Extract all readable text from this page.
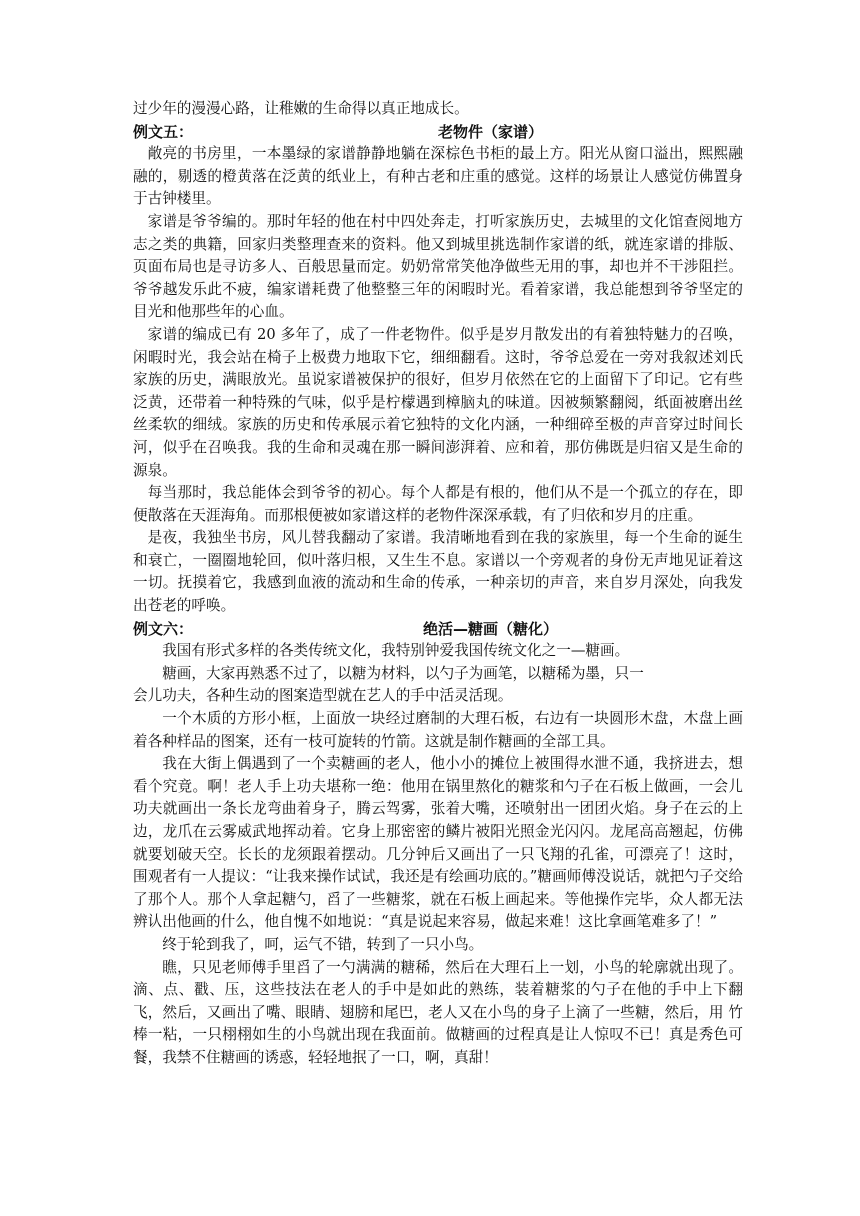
过少年的漫漫心路，让稚嫩的生命得以真正地成长。

例文五：	老物件（家谱）

敞亮的书房里，一本墨绿的家谱静静地躺在深棕色书柜的最上方。阳光从窗口溢出，熙熙融融的，剔透的橙黄落在泛黄的纸业上，有种古老和庄重的感觉。这样的场景让人感觉仿佛置身于古钟楼里。

家谱是爷爷编的。那时年轻的他在村中四处奔走，打听家族历史，去城里的文化馆查阅地方志之类的典籍，回家归类整理查来的资料。他又到城里挑选制作家谱的纸，就连家谱的排版、页面布局也是寻访多人、百般思量而定。奶奶常常笑他净做些无用的事，却也并不干涉阻拦。爷爷越发乐此不疲，编家谱耗费了他整整三年的闲暇时光。看着家谱，我总能想到爷爷坚定的目光和他那些年的心血。

家谱的编成已有 20 多年了，成了一件老物件。似乎是岁月散发出的有着独特魅力的召唤，闲暇时光，我会站在椅子上极费力地取下它，细细翻看。这时，爷爷总爱在一旁对我叙述刘氏家族的历史，满眼放光。虽说家谱被保护的很好，但岁月依然在它的上面留下了印记。它有些泛黄，还带着一种特殊的气味，似乎是柠檬遇到樟脑丸的味道。因被频繁翻阅，纸面被磨出丝丝柔软的细绒。家族的历史和传承展示着它独特的文化内涵，一种细碎至极的声音穿过时间长河，似乎在召唤我。我的生命和灵魂在那一瞬间澎湃着、应和着，那仿佛既是归宿又是生命的源泉。

每当那时，我总能体会到爷爷的初心。每个人都是有根的，他们从不是一个孤立的存在，即便散落在天涯海角。而那根便被如家谱这样的老物件深深承载，有了归依和岁月的庄重。

是夜，我独坐书房，风儿替我翻动了家谱。我清晰地看到在我的家族里，每一个生命的诞生和衰亡，一圈圈地轮回，似叶落归根，又生生不息。家谱以一个旁观者的身份无声地见证着这一切。抚摸着它，我感到血液的流动和生命的传承，一种亲切的声音，来自岁月深处，向我发出苍老的呼唤。

例文六：	绝活—糖画（糖化）

我国有形式多样的各类传统文化，我特别钟爱我国传统文化之一—糖画。

糖画，大家再熟悉不过了，以糖为材料，以勺子为画笔，以糖稀为墨，只一

会儿功夫，各种生动的图案造型就在艺人的手中活灵活现。

一个木质的方形小框，上面放一块经过磨制的大理石板，右边有一块圆形木盘，木盘上画着各种样品的图案，还有一枝可旋转的竹箭。这就是制作糖画的全部工具。

我在大街上偶遇到了一个卖糖画的老人，他小小的摊位上被围得水泄不通，我挤进去，想看个究竟。啊！老人手上功夫堪称一绝：他用在锅里熬化的糖浆和勺子在石板上做画，一会儿功夫就画出一条长龙弯曲着身子，腾云驾雾，张着大嘴，还喷射出一团团火焰。身子在云的上边，龙爪在云雾威武地挥动着。它身上那密密的鳞片被阳光照金光闪闪。龙尾高高翘起，仿佛就要划破天空。长长的龙须跟着摆动。几分钟后又画出了一只飞翔的孔雀，可漂亮了！这时，围观者有一人提议：“让我来操作试试，我还是有绘画功底的。”糖画师傅没说话，就把勺子交给了那个人。那个人拿起糖勺，舀了一些糖浆，就在石板上画起来。等他操作完毕，众人都无法辨认出他画的什么，他自愧不如地说：“真是说起来容易，做起来难！这比拿画笔难多了！”

终于轮到我了，呵，运气不错，转到了一只小鸟。

瞧，只见老师傅手里舀了一勺满满的糖稀，然后在大理石上一划，小鸟的轮廓就出现了。滴、点、戳、压，这些技法在老人的手中是如此的熟练，装着糖浆的勺子在他的手中上下翻飞，然后，又画出了嘴、眼睛、翅膀和尾巴，老人又在小鸟的身子上滴了一些糖，然后，用 竹棒一粘，一只栩栩如生的小鸟就出现在我面前。做糖画的过程真是让人惊叹不已！真是秀色可餐，我禁不住糖画的诱惑，轻轻地抿了一口，啊，真甜！
